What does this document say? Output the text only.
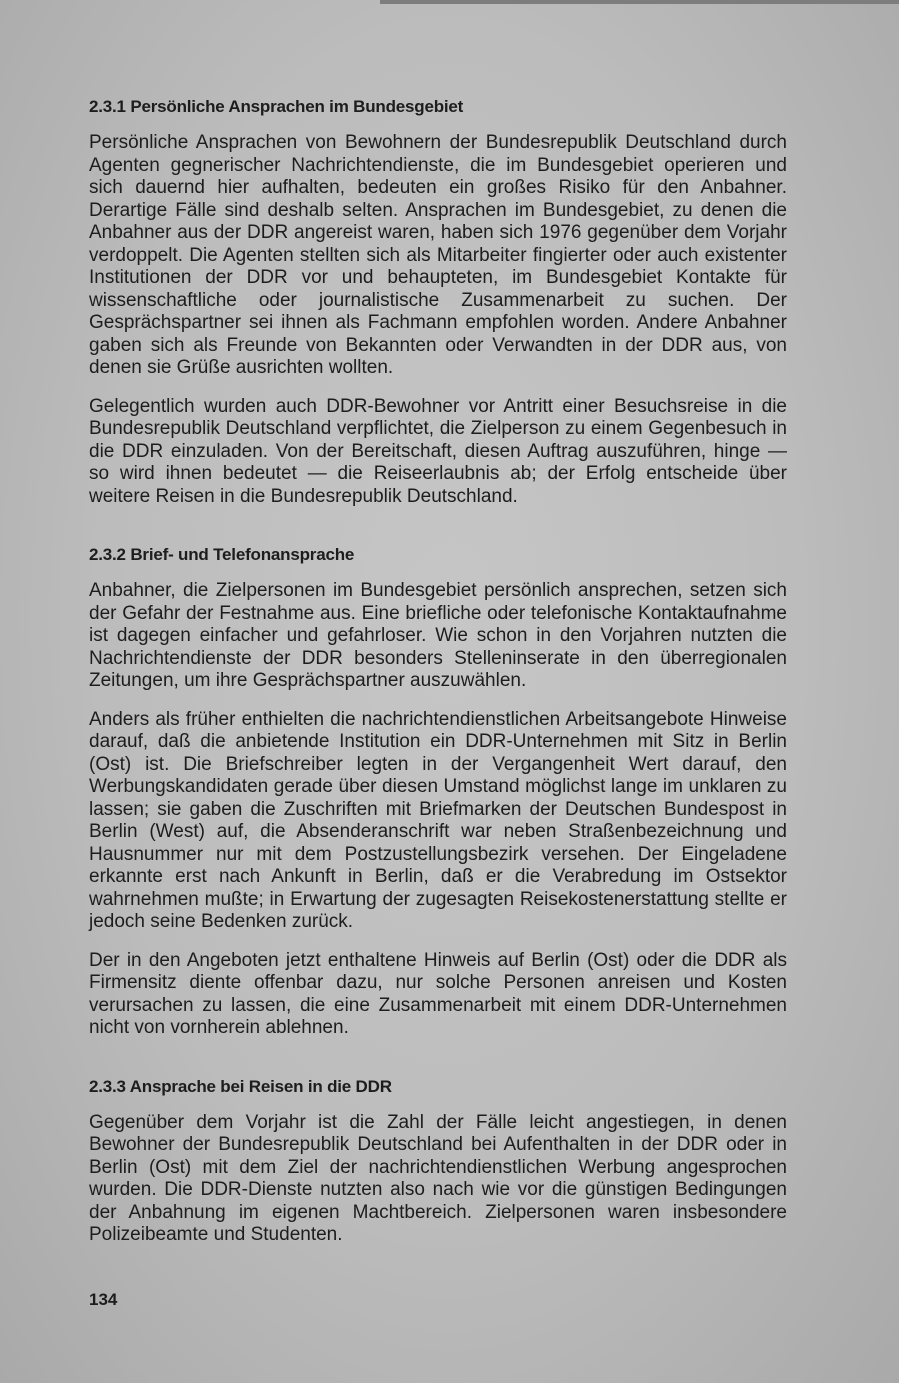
2.3.1 Persönliche Ansprachen im Bundesgebiet

Persönliche Ansprachen von Bewohnern der Bundesrepublik Deutschland durch Agenten gegnerischer Nachrichtendienste, die im Bundesgebiet operieren und sich dauernd hier aufhalten, bedeuten ein großes Risiko für den Anbahner. Derartige Fälle sind deshalb selten. Ansprachen im Bundesgebiet, zu denen die Anbahner aus der DDR angereist waren, haben sich 1976 gegenüber dem Vorjahr verdoppelt. Die Agenten stellten sich als Mitarbeiter fingierter oder auch existenter Institutionen der DDR vor und behaupteten, im Bundesgebiet Kontakte für wissenschaftliche oder journalistische Zusammenarbeit zu suchen. Der Gesprächspartner sei ihnen als Fachmann empfohlen worden. Andere Anbahner gaben sich als Freunde von Bekannten oder Verwandten in der DDR aus, von denen sie Grüße ausrichten wollten.

Gelegentlich wurden auch DDR-Bewohner vor Antritt einer Besuchsreise in die Bundesrepublik Deutschland verpflichtet, die Zielperson zu einem Gegenbesuch in die DDR einzuladen. Von der Bereitschaft, diesen Auftrag auszuführen, hinge — so wird ihnen bedeutet — die Reiseerlaubnis ab; der Erfolg entscheide über weitere Reisen in die Bundesrepublik Deutschland.

2.3.2 Brief- und Telefonansprache

Anbahner, die Zielpersonen im Bundesgebiet persönlich ansprechen, setzen sich der Gefahr der Festnahme aus. Eine briefliche oder telefonische Kontaktaufnahme ist dagegen einfacher und gefahrloser. Wie schon in den Vorjahren nutzten die Nachrichtendienste der DDR besonders Stelleninserate in den überregionalen Zeitungen, um ihre Gesprächspartner auszuwählen.

Anders als früher enthielten die nachrichtendienstlichen Arbeitsangebote Hinweise darauf, daß die anbietende Institution ein DDR-Unternehmen mit Sitz in Berlin (Ost) ist. Die Briefschreiber legten in der Vergangenheit Wert darauf, den Werbungskandidaten gerade über diesen Umstand möglichst lange im unklaren zu lassen; sie gaben die Zuschriften mit Briefmarken der Deutschen Bundespost in Berlin (West) auf, die Absenderanschrift war neben Straßenbezeichnung und Hausnummer nur mit dem Postzustellungsbezirk versehen. Der Eingeladene erkannte erst nach Ankunft in Berlin, daß er die Verabredung im Ostsektor wahrnehmen mußte; in Erwartung der zugesagten Reisekostenerstattung stellte er jedoch seine Bedenken zurück.

Der in den Angeboten jetzt enthaltene Hinweis auf Berlin (Ost) oder die DDR als Firmensitz diente offenbar dazu, nur solche Personen anreisen und Kosten verursachen zu lassen, die eine Zusammenarbeit mit einem DDR-Unternehmen nicht von vornherein ablehnen.

2.3.3 Ansprache bei Reisen in die DDR

Gegenüber dem Vorjahr ist die Zahl der Fälle leicht angestiegen, in denen Bewohner der Bundesrepublik Deutschland bei Aufenthalten in der DDR oder in Berlin (Ost) mit dem Ziel der nachrichtendienstlichen Werbung angesprochen wurden. Die DDR-Dienste nutzten also nach wie vor die günstigen Bedingungen der Anbahnung im eigenen Machtbereich. Zielpersonen waren insbesondere Polizeibeamte und Studenten.

134
